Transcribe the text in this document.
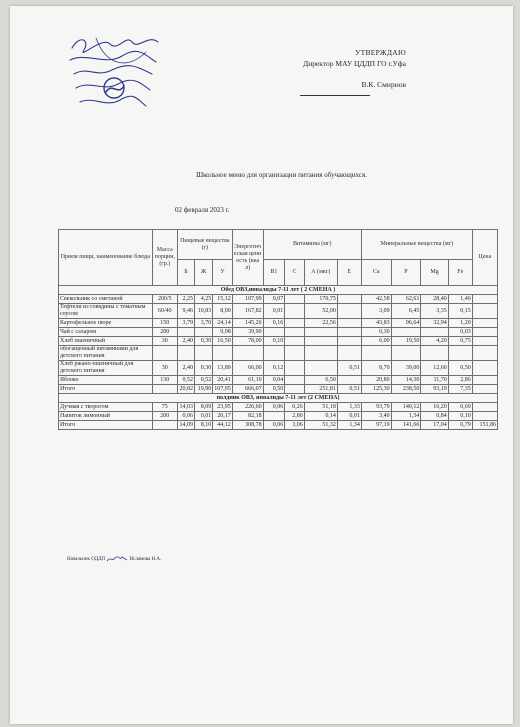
УТВЕРЖДАЮ
Директор МАУ ЦДДП ГО г.Уфа
В.К. Смирнов
Школьное меню для организации питания обучающихся.
02 февраля 2023 г.
Прием пищи, наименование блюда	Масса порции, (гр.)	Пищевые вещества (г)			Энергетическая ценность (ккал)	Витамины (мг)				Минеральные вещества (мг)				Цена
		Б	Ж	У		В1	С	А (мкг)	Е	Са	Р	Mg	Fe	
Обед ОВЗ,инвалиды 7-11 лет ( 2 СМЕНА )														
Свекольник со сметаной	200/5	2,25	4,25	15,12	107,99	0,07		170,75		42,58	62,61	28,40	1,46	
Тефтели из говядины с томатным соусом	60/40	9,46	10,83	8,00	167,82	0,01		52,00		3,09	6,45	3,35	0,15	
Картофельное пюре	150	3,79	3,70	24,14	145,26	0,16		22,56		43,83	96,64	32,94	1,20	
Чай с сахаром	200			9,98	39,90					0,30			0,03	
Хлеб пшеничный	30	2,40	0,30	16,50	78,00	0,10				6,00	19,50	4,20	0,75	
обогащенный витаминами для детского питания														
Хлеб ржано-пшеничный для детского питания	30	2,40	0,30	13,80	66,00	0,12			0,51	8,70	39,00	12,60	0,50	
Яблоко	130	0,52	0,52	20,41	61,10	0,04		6,50		20,80	14,30	11,70	2,86	
Итого		20,82	19,90	107,95	666,07	0,50		251,81	0,51	125,30	238,50	93,19	7,35	
полдник ОВЗ, инвалиды 7-11 лет (2 СМЕНА)														
Дучмая с творогом	75	14,03	8,09	23,95	226,60	0,06	0,26	51,18	1,33	93,79	140,12	16,20	0,69	
Напиток лимонный	200	0,06	0,01	20,17	82,18		2,80	0,14	0,01	3,40	1,54	0,84	0,10	
Итого		14,09	8,10	44,12	308,78	0,06	3,06	51,32	1,34	97,19	141,66	17,04	0,79	151,86
Начальник ОДДП	Исламова Н.А.
